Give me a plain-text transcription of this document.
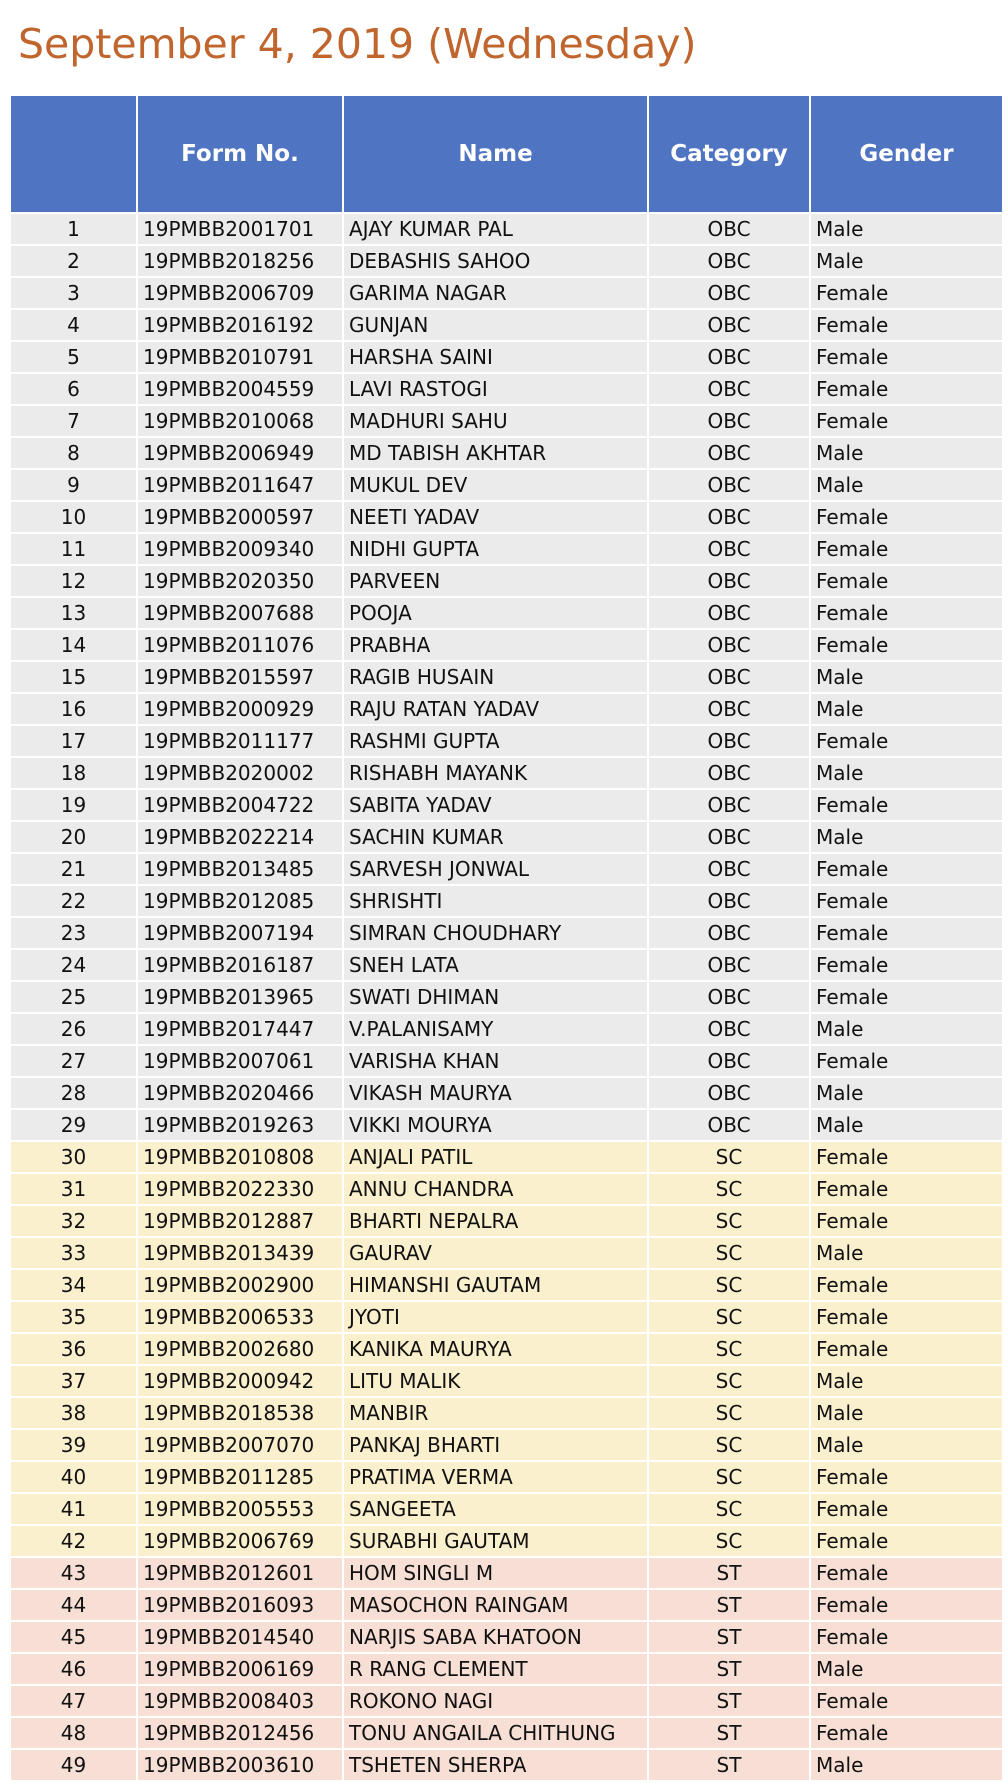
September 4, 2019 (Wednesday)
	Form No.	Name	Category	Gender
1	19PMBB2001701	AJAY KUMAR PAL	OBC	Male
2	19PMBB2018256	DEBASHIS SAHOO	OBC	Male
3	19PMBB2006709	GARIMA NAGAR	OBC	Female
4	19PMBB2016192	GUNJAN	OBC	Female
5	19PMBB2010791	HARSHA SAINI	OBC	Female
6	19PMBB2004559	LAVI RASTOGI	OBC	Female
7	19PMBB2010068	MADHURI SAHU	OBC	Female
8	19PMBB2006949	MD TABISH AKHTAR	OBC	Male
9	19PMBB2011647	MUKUL DEV	OBC	Male
10	19PMBB2000597	NEETI YADAV	OBC	Female
11	19PMBB2009340	NIDHI GUPTA	OBC	Female
12	19PMBB2020350	PARVEEN	OBC	Female
13	19PMBB2007688	POOJA	OBC	Female
14	19PMBB2011076	PRABHA	OBC	Female
15	19PMBB2015597	RAGIB HUSAIN	OBC	Male
16	19PMBB2000929	RAJU RATAN YADAV	OBC	Male
17	19PMBB2011177	RASHMI GUPTA	OBC	Female
18	19PMBB2020002	RISHABH MAYANK	OBC	Male
19	19PMBB2004722	SABITA YADAV	OBC	Female
20	19PMBB2022214	SACHIN KUMAR	OBC	Male
21	19PMBB2013485	SARVESH JONWAL	OBC	Female
22	19PMBB2012085	SHRISHTI	OBC	Female
23	19PMBB2007194	SIMRAN CHOUDHARY	OBC	Female
24	19PMBB2016187	SNEH LATA	OBC	Female
25	19PMBB2013965	SWATI DHIMAN	OBC	Female
26	19PMBB2017447	V.PALANISAMY	OBC	Male
27	19PMBB2007061	VARISHA KHAN	OBC	Female
28	19PMBB2020466	VIKASH MAURYA	OBC	Male
29	19PMBB2019263	VIKKI MOURYA	OBC	Male
30	19PMBB2010808	ANJALI PATIL	SC	Female
31	19PMBB2022330	ANNU CHANDRA	SC	Female
32	19PMBB2012887	BHARTI NEPALRA	SC	Female
33	19PMBB2013439	GAURAV	SC	Male
34	19PMBB2002900	HIMANSHI GAUTAM	SC	Female
35	19PMBB2006533	JYOTI	SC	Female
36	19PMBB2002680	KANIKA MAURYA	SC	Female
37	19PMBB2000942	LITU MALIK	SC	Male
38	19PMBB2018538	MANBIR	SC	Male
39	19PMBB2007070	PANKAJ BHARTI	SC	Male
40	19PMBB2011285	PRATIMA VERMA	SC	Female
41	19PMBB2005553	SANGEETA	SC	Female
42	19PMBB2006769	SURABHI GAUTAM	SC	Female
43	19PMBB2012601	HOM SINGLI M	ST	Female
44	19PMBB2016093	MASOCHON RAINGAM	ST	Female
45	19PMBB2014540	NARJIS SABA KHATOON	ST	Female
46	19PMBB2006169	R RANG CLEMENT	ST	Male
47	19PMBB2008403	ROKONO NAGI	ST	Female
48	19PMBB2012456	TONU ANGAILA CHITHUNG	ST	Female
49	19PMBB2003610	TSHETEN SHERPA	ST	Male
